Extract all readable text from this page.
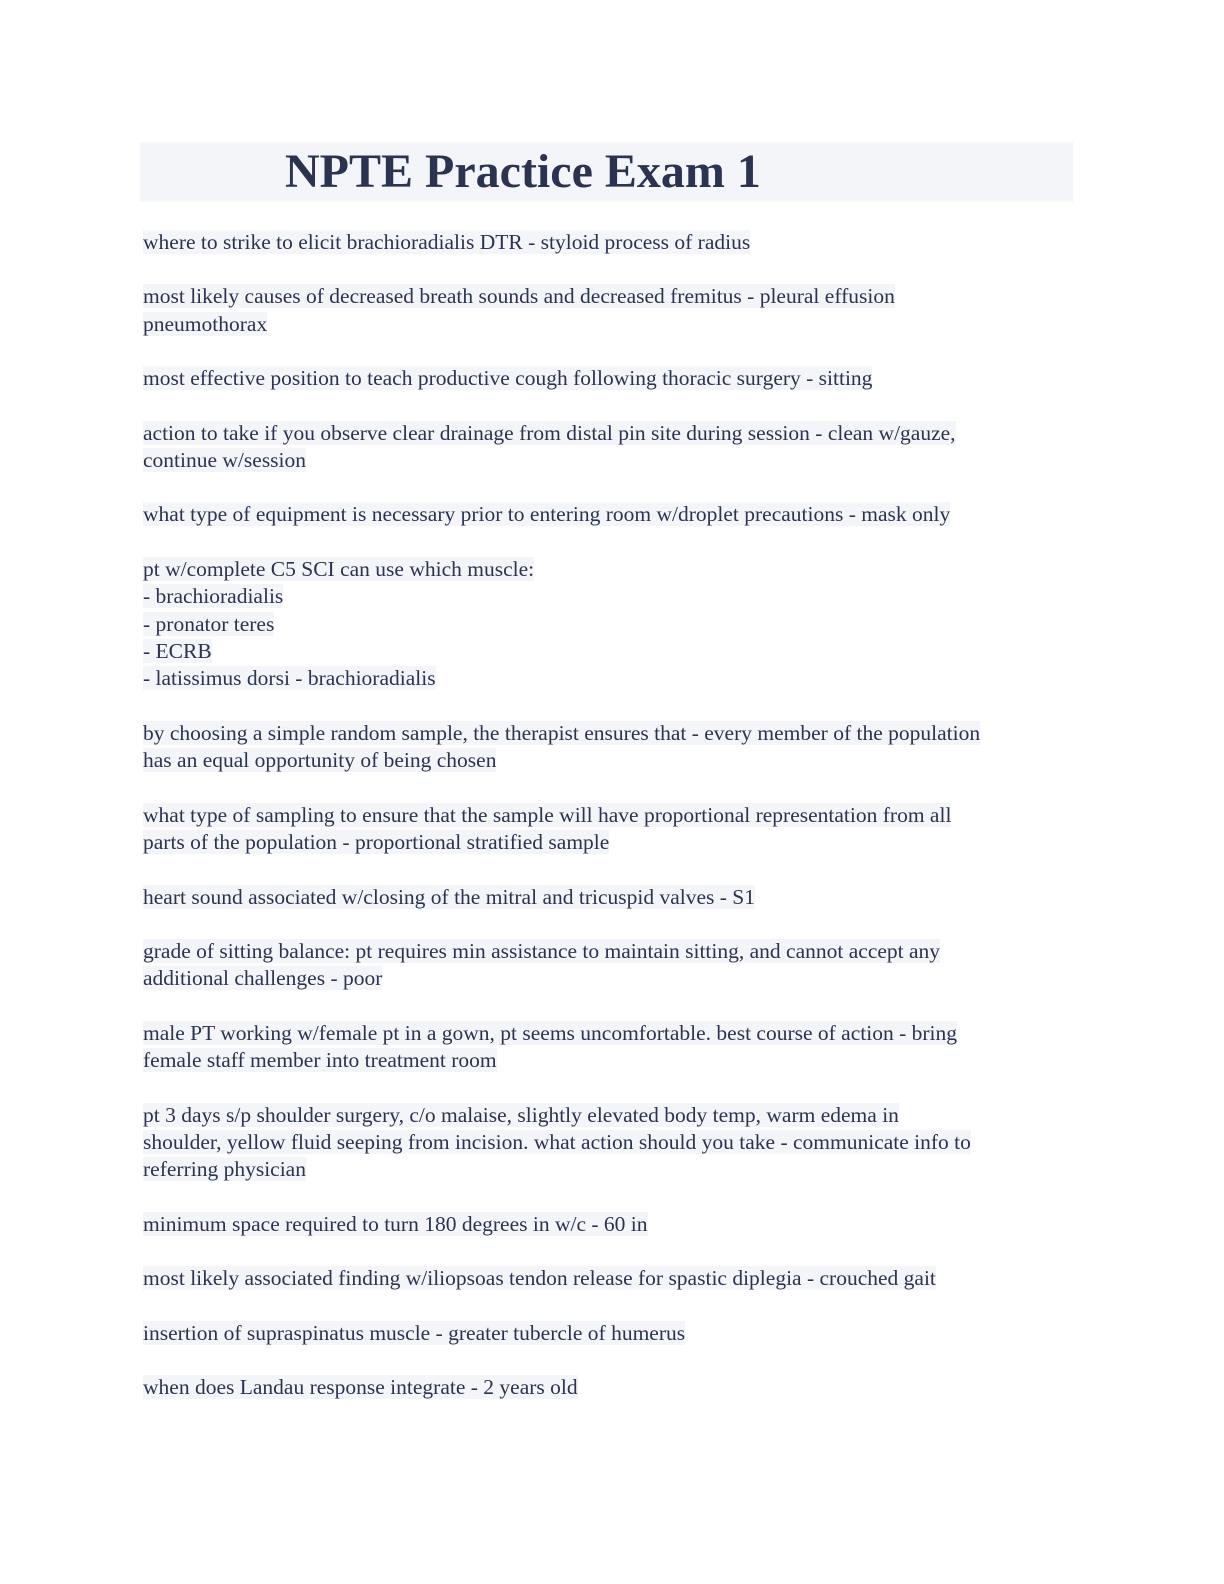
NPTE Practice Exam 1

where to strike to elicit brachioradialis DTR - styloid process of radius

most likely causes of decreased breath sounds and decreased fremitus - pleural effusion
pneumothorax

most effective position to teach productive cough following thoracic surgery - sitting

action to take if you observe clear drainage from distal pin site during session - clean w/gauze,
continue w/session

what type of equipment is necessary prior to entering room w/droplet precautions - mask only

pt w/complete C5 SCI can use which muscle:
- brachioradialis
- pronator teres
- ECRB
- latissimus dorsi - brachioradialis

by choosing a simple random sample, the therapist ensures that - every member of the population
has an equal opportunity of being chosen

what type of sampling to ensure that the sample will have proportional representation from all
parts of the population - proportional stratified sample

heart sound associated w/closing of the mitral and tricuspid valves - S1

grade of sitting balance: pt requires min assistance to maintain sitting, and cannot accept any
additional challenges - poor

male PT working w/female pt in a gown, pt seems uncomfortable. best course of action - bring
female staff member into treatment room

pt 3 days s/p shoulder surgery, c/o malaise, slightly elevated body temp, warm edema in
shoulder, yellow fluid seeping from incision. what action should you take - communicate info to
referring physician

minimum space required to turn 180 degrees in w/c - 60 in

most likely associated finding w/iliopsoas tendon release for spastic diplegia - crouched gait

insertion of supraspinatus muscle - greater tubercle of humerus

when does Landau response integrate - 2 years old
